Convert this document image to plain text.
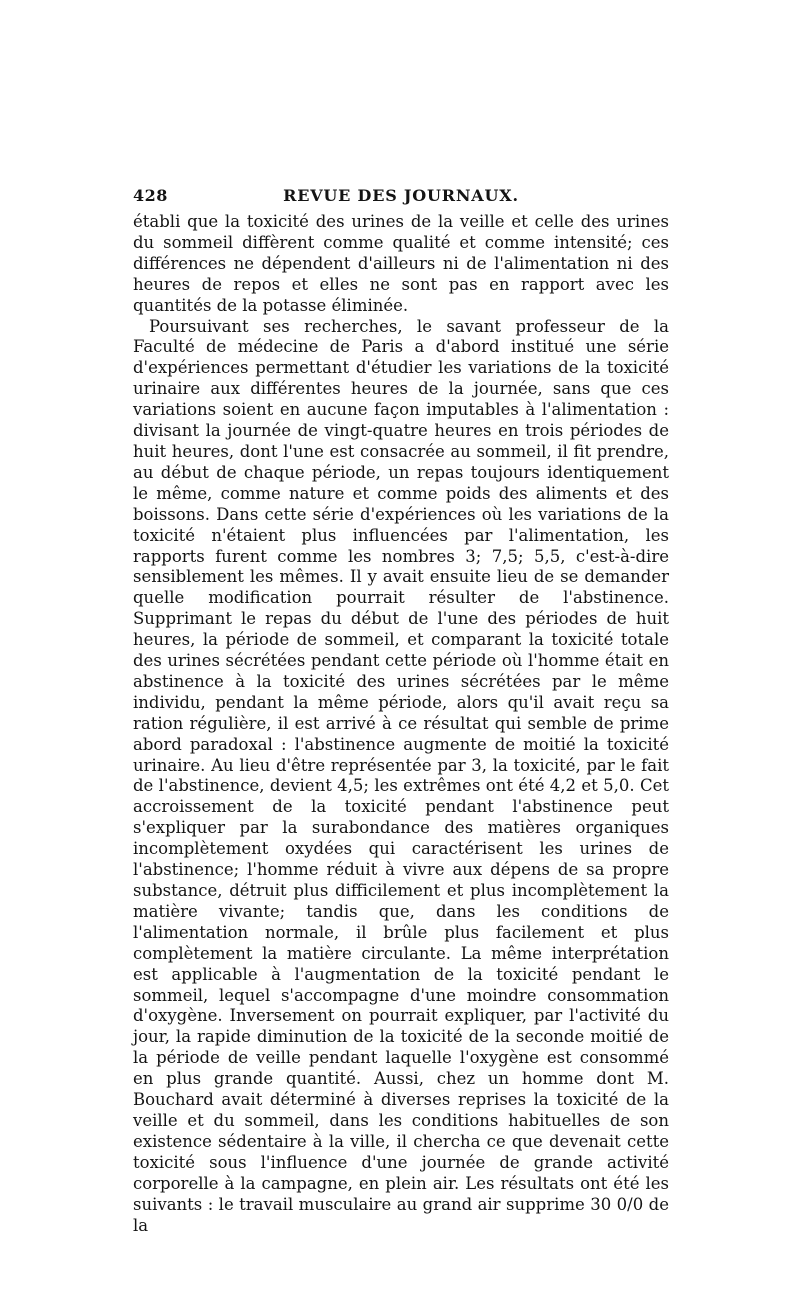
428	REVUE DES JOURNAUX.

établi que la toxicité des urines de la veille et celle des urines du sommeil diffèrent comme qualité et comme intensité; ces différences ne dépendent d'ailleurs ni de l'alimentation ni des heures de repos et elles ne sont pas en rapport avec les quantités de la potasse éliminée.

Poursuivant ses recherches, le savant professeur de la Faculté de médecine de Paris a d'abord institué une série d'expériences permettant d'étudier les variations de la toxicité urinaire aux différentes heures de la journée, sans que ces variations soient en aucune façon imputables à l'alimentation : divisant la journée de vingt-quatre heures en trois périodes de huit heures, dont l'une est consacrée au sommeil, il fit prendre, au début de chaque période, un repas toujours identiquement le même, comme nature et comme poids des aliments et des boissons. Dans cette série d'expériences où les variations de la toxicité n'étaient plus influencées par l'alimentation, les rapports furent comme les nombres 3; 7,5; 5,5, c'est-à-dire sensiblement les mêmes. Il y avait ensuite lieu de se demander quelle modification pourrait résulter de l'abstinence. Supprimant le repas du début de l'une des périodes de huit heures, la période de sommeil, et comparant la toxicité totale des urines sécrétées pendant cette période où l'homme était en abstinence à la toxicité des urines sécrétées par le même individu, pendant la même période, alors qu'il avait reçu sa ration régulière, il est arrivé à ce résultat qui semble de prime abord paradoxal : l'abstinence augmente de moitié la toxicité urinaire. Au lieu d'être représentée par 3, la toxicité, par le fait de l'abstinence, devient 4,5; les extrêmes ont été 4,2 et 5,0. Cet accroissement de la toxicité pendant l'abstinence peut s'expliquer par la surabondance des matières organiques incomplètement oxydées qui caractérisent les urines de l'abstinence; l'homme réduit à vivre aux dépens de sa propre substance, détruit plus difficilement et plus incomplètement la matière vivante; tandis que, dans les conditions de l'alimentation normale, il brûle plus facilement et plus complètement la matière circulante. La même interprétation est applicable à l'augmentation de la toxicité pendant le sommeil, lequel s'accompagne d'une moindre consommation d'oxygène. Inversement on pourrait expliquer, par l'activité du jour, la rapide diminution de la toxicité de la seconde moitié de la période de veille pendant laquelle l'oxygène est consommé en plus grande quantité. Aussi, chez un homme dont M. Bouchard avait déterminé à diverses reprises la toxicité de la veille et du sommeil, dans les conditions habituelles de son existence sédentaire à la ville, il chercha ce que devenait cette toxicité sous l'influence d'une journée de grande activité corporelle à la campagne, en plein air. Les résultats ont été les suivants : le travail musculaire au grand air supprime 30 0/0 de la
